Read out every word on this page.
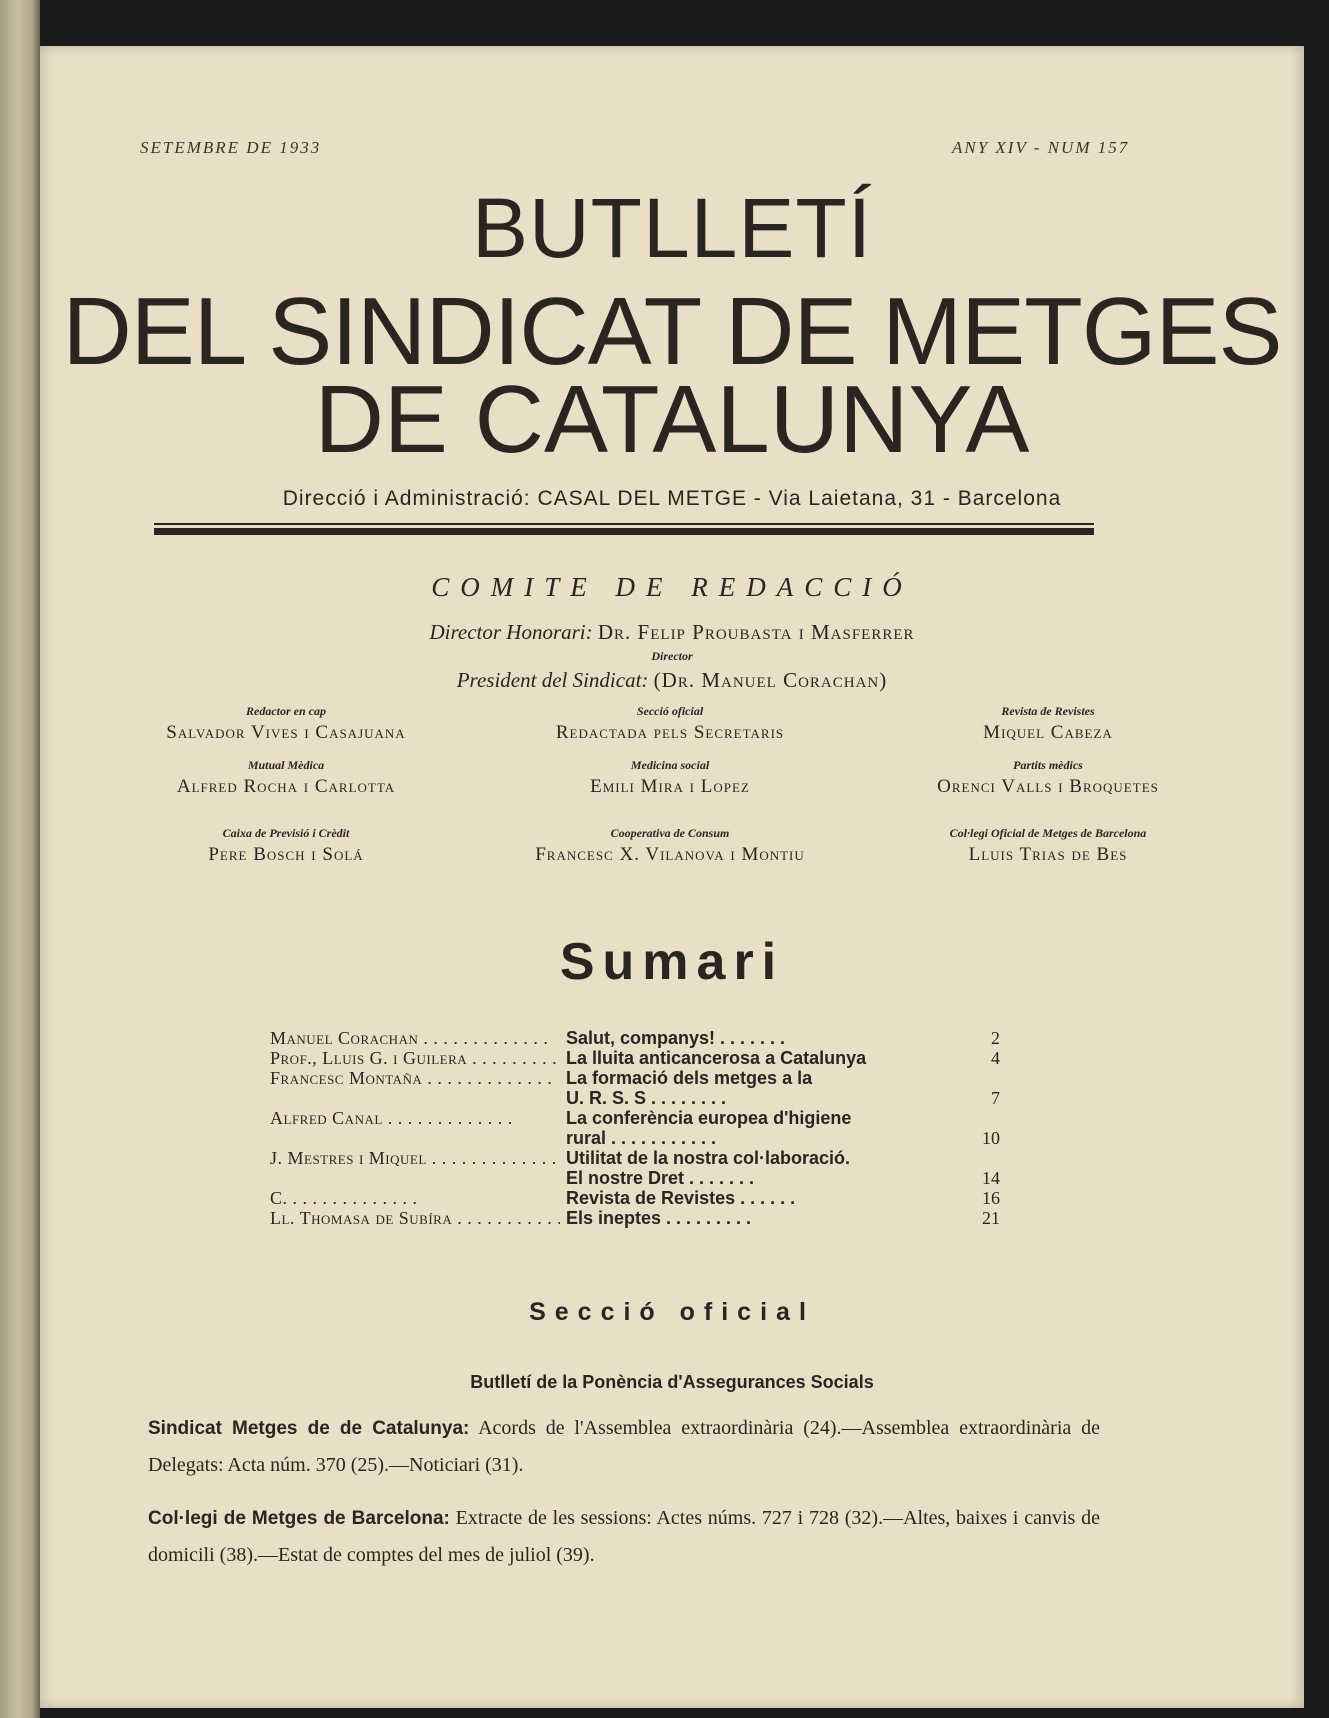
SETEMBRE DE 1933	ANY XIV - NUM 157
BUTLLETÍ
DEL SINDICAT DE METGES
DE CATALUNYA
Direcció i Administració: CASAL DEL METGE - Via Laietana, 31 - Barcelona
COMITE DE REDACCIÓ
Director Honorari: Dr. Felip Proubasta i Masferrer
Director
President del Sindicat: (Dr. Manuel Corachan)
Redactor en cap
Salvador Vives i Casajuana
Secció oficial
Redactada pels Secretaris
Revista de Revistes
Miquel Cabeza
Mutual Mèdica
Alfred Rocha i Carlotta
Medicina social
Emili Mira i Lopez
Partits mèdics
Orenci Valls i Broquetes
Caixa de Previsió i Crèdit
Pere Bosch i Solá
Cooperativa de Consum
Francesc X. Vilanova i Montiu
Col·legi Oficial de Metges de Barcelona
Lluis Trias de Bes
Sumari
Manuel Corachan . . .	Salut, companys! . . . . . . .	2
Prof., Lluis G. i Guilera . . .	La lluita anticancerosa a Catalunya	4
Francesc Montaña . . .	La formació dels metges a la
U. R. S. S . . . . . . . .	7
Alfred Canal . . .	La conferència europea d'higiene
rural . . . . . . . . . . .	10
J. Mestres i Miquel . . .	Utilitat de la nostra col·laboració.
El nostre Dret . . . . . . .	14
C. . . .	Revista de Revistes . . . . . .	16
Ll. Thomasa de Subíra . . .	Els ineptes . . . . . . . . .	21
Secció oficial
Butlletí de la Ponència d'Assegurances Socials
Sindicat Metges de de Catalunya: Acords de l'Assemblea extraordinària (24).—Assemblea extraordinària de Delegats: Acta núm. 370 (25).—Noticiari (31).
Col·legi de Metges de Barcelona: Extracte de les sessions: Actes núms. 727 i 728 (32).—Altes, baixes i canvis de domicili (38).—Estat de comptes del mes de juliol (39).
